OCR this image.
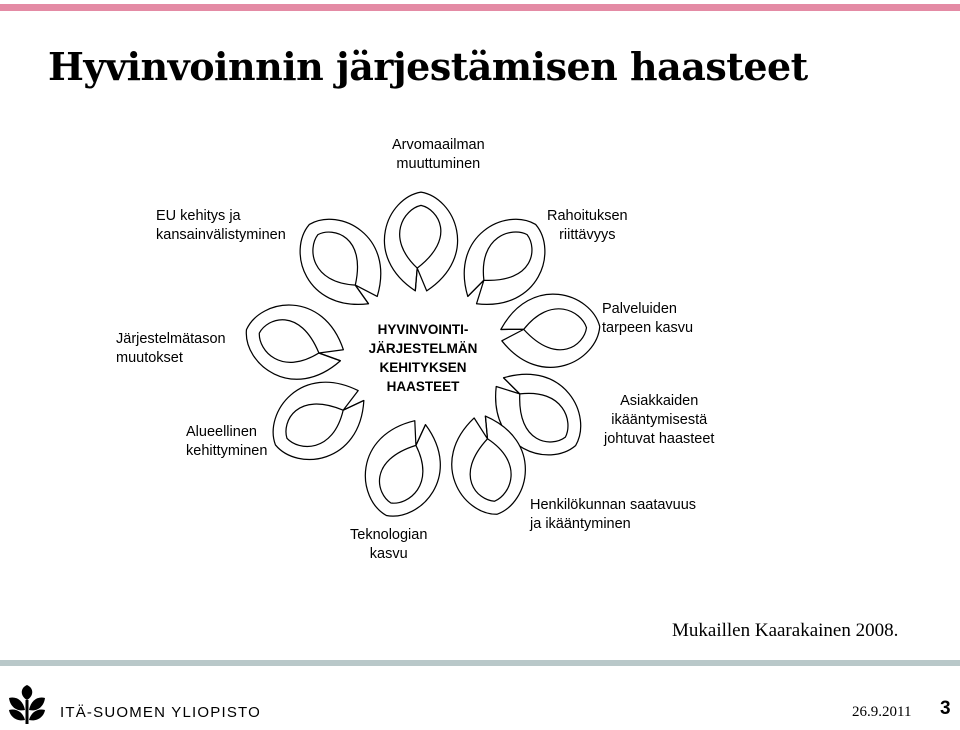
Hyvinvoinnin järjestämisen haasteet
HYVINVOINTI-
JÄRJESTELMÄN
KEHITYKSEN
HAASTEET
Arvomaailman
muuttuminen
EU kehitys ja
kansainvälistyminen
Rahoituksen
riittävyys
Järjestelmätason
muutokset
Palveluiden
tarpeen kasvu
Alueellinen
kehittyminen
Asiakkaiden
ikääntymisestä
johtuvat haasteet
Teknologian
kasvu
Henkilökunnan saatavuus
ja ikääntyminen
Mukaillen Kaarakainen 2008.
ITÄ-SUOMEN YLIOPISTO	26.9.2011 3
